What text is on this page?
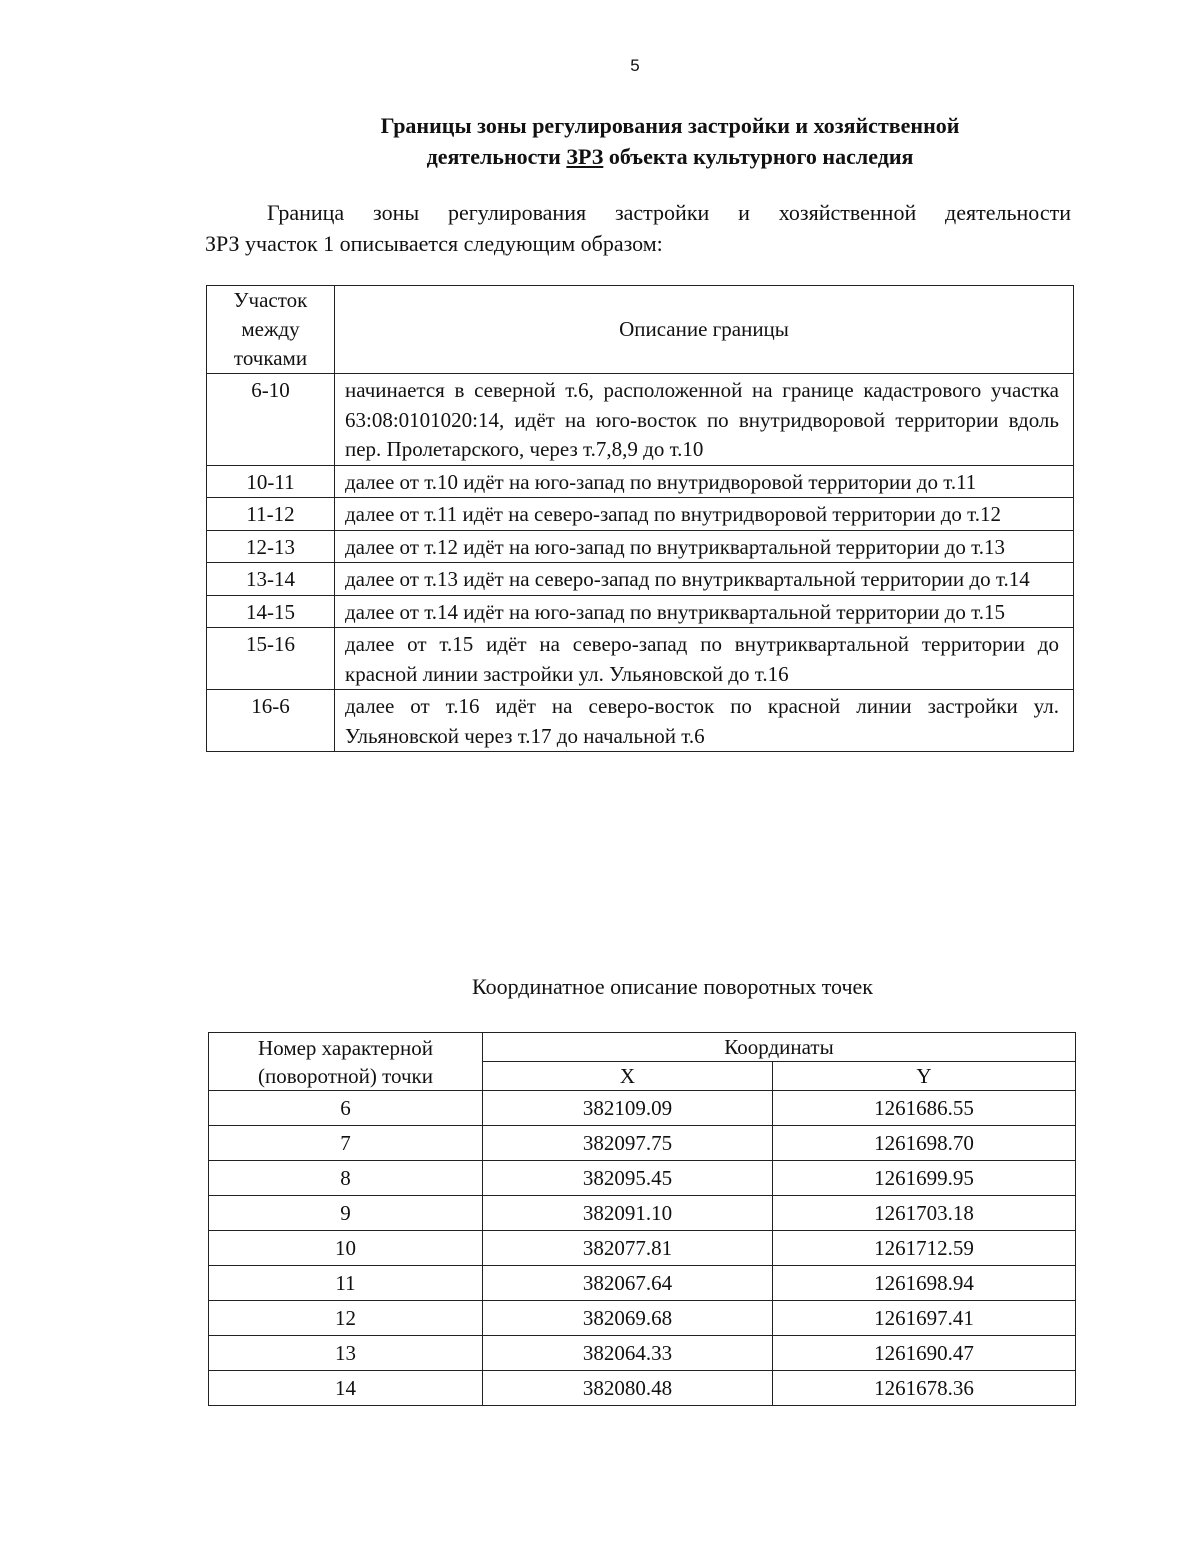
5
Границы зоны регулирования застройки и хозяйственной
деятельности ЗРЗ объекта культурного наследия
Граница зоны регулирования застройки и хозяйственной деятельности
ЗРЗ участок 1 описывается следующим образом:
Участок
между
точками	Описание границы
6-10	начинается в северной т.6, расположенной на границе кадастрового участка 63:08:0101020:14, идёт на юго-восток по внутридворовой территории вдоль пер. Пролетарского, через т.7,8,9 до т.10
10-11	далее от т.10 идёт на юго-запад по внутридворовой территории до т.11
11-12	далее от т.11 идёт на северо-запад по внутридворовой территории до т.12
12-13	далее от т.12 идёт на юго-запад по внутриквартальной территории до т.13
13-14	далее от т.13 идёт на северо-запад по внутриквартальной территории до т.14
14-15	далее от т.14 идёт на юго-запад по внутриквартальной территории до т.15
15-16	далее от т.15 идёт на северо-запад по внутриквартальной территории до красной линии застройки ул. Ульяновской до т.16
16-6	далее от т.16 идёт на северо-восток по красной линии застройки ул. Ульяновской через т.17 до начальной т.6
Координатное описание поворотных точек
Номер характерной
(поворотной) точки	Координаты	
	X	Y
6	382109.09	1261686.55
7	382097.75	1261698.70
8	382095.45	1261699.95
9	382091.10	1261703.18
10	382077.81	1261712.59
11	382067.64	1261698.94
12	382069.68	1261697.41
13	382064.33	1261690.47
14	382080.48	1261678.36
